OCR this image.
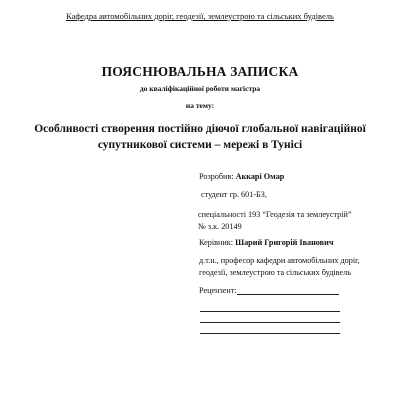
Кафедра автомобільних доріг, геодезії, землеустрою та сільських будівель
ПОЯСНЮВАЛЬНА ЗАПИСКА
до кваліфікаційної роботи магістра
на тему:
Особливості створення постійно діючої глобальної навігаційної
супутникової системи – мережі в Тунісі
Розробив: Аккарі Омар
студент гр. 601-БЗ,
спеціальності 193 “Геодезія та землеустрій”
№ з.к. 20149
Керівник: Шарий Григорій Іванович
д.т.н., професор кафедри автомобільних доріг,
геодезії, землеустрою та сільських будівель
Рецензент:
